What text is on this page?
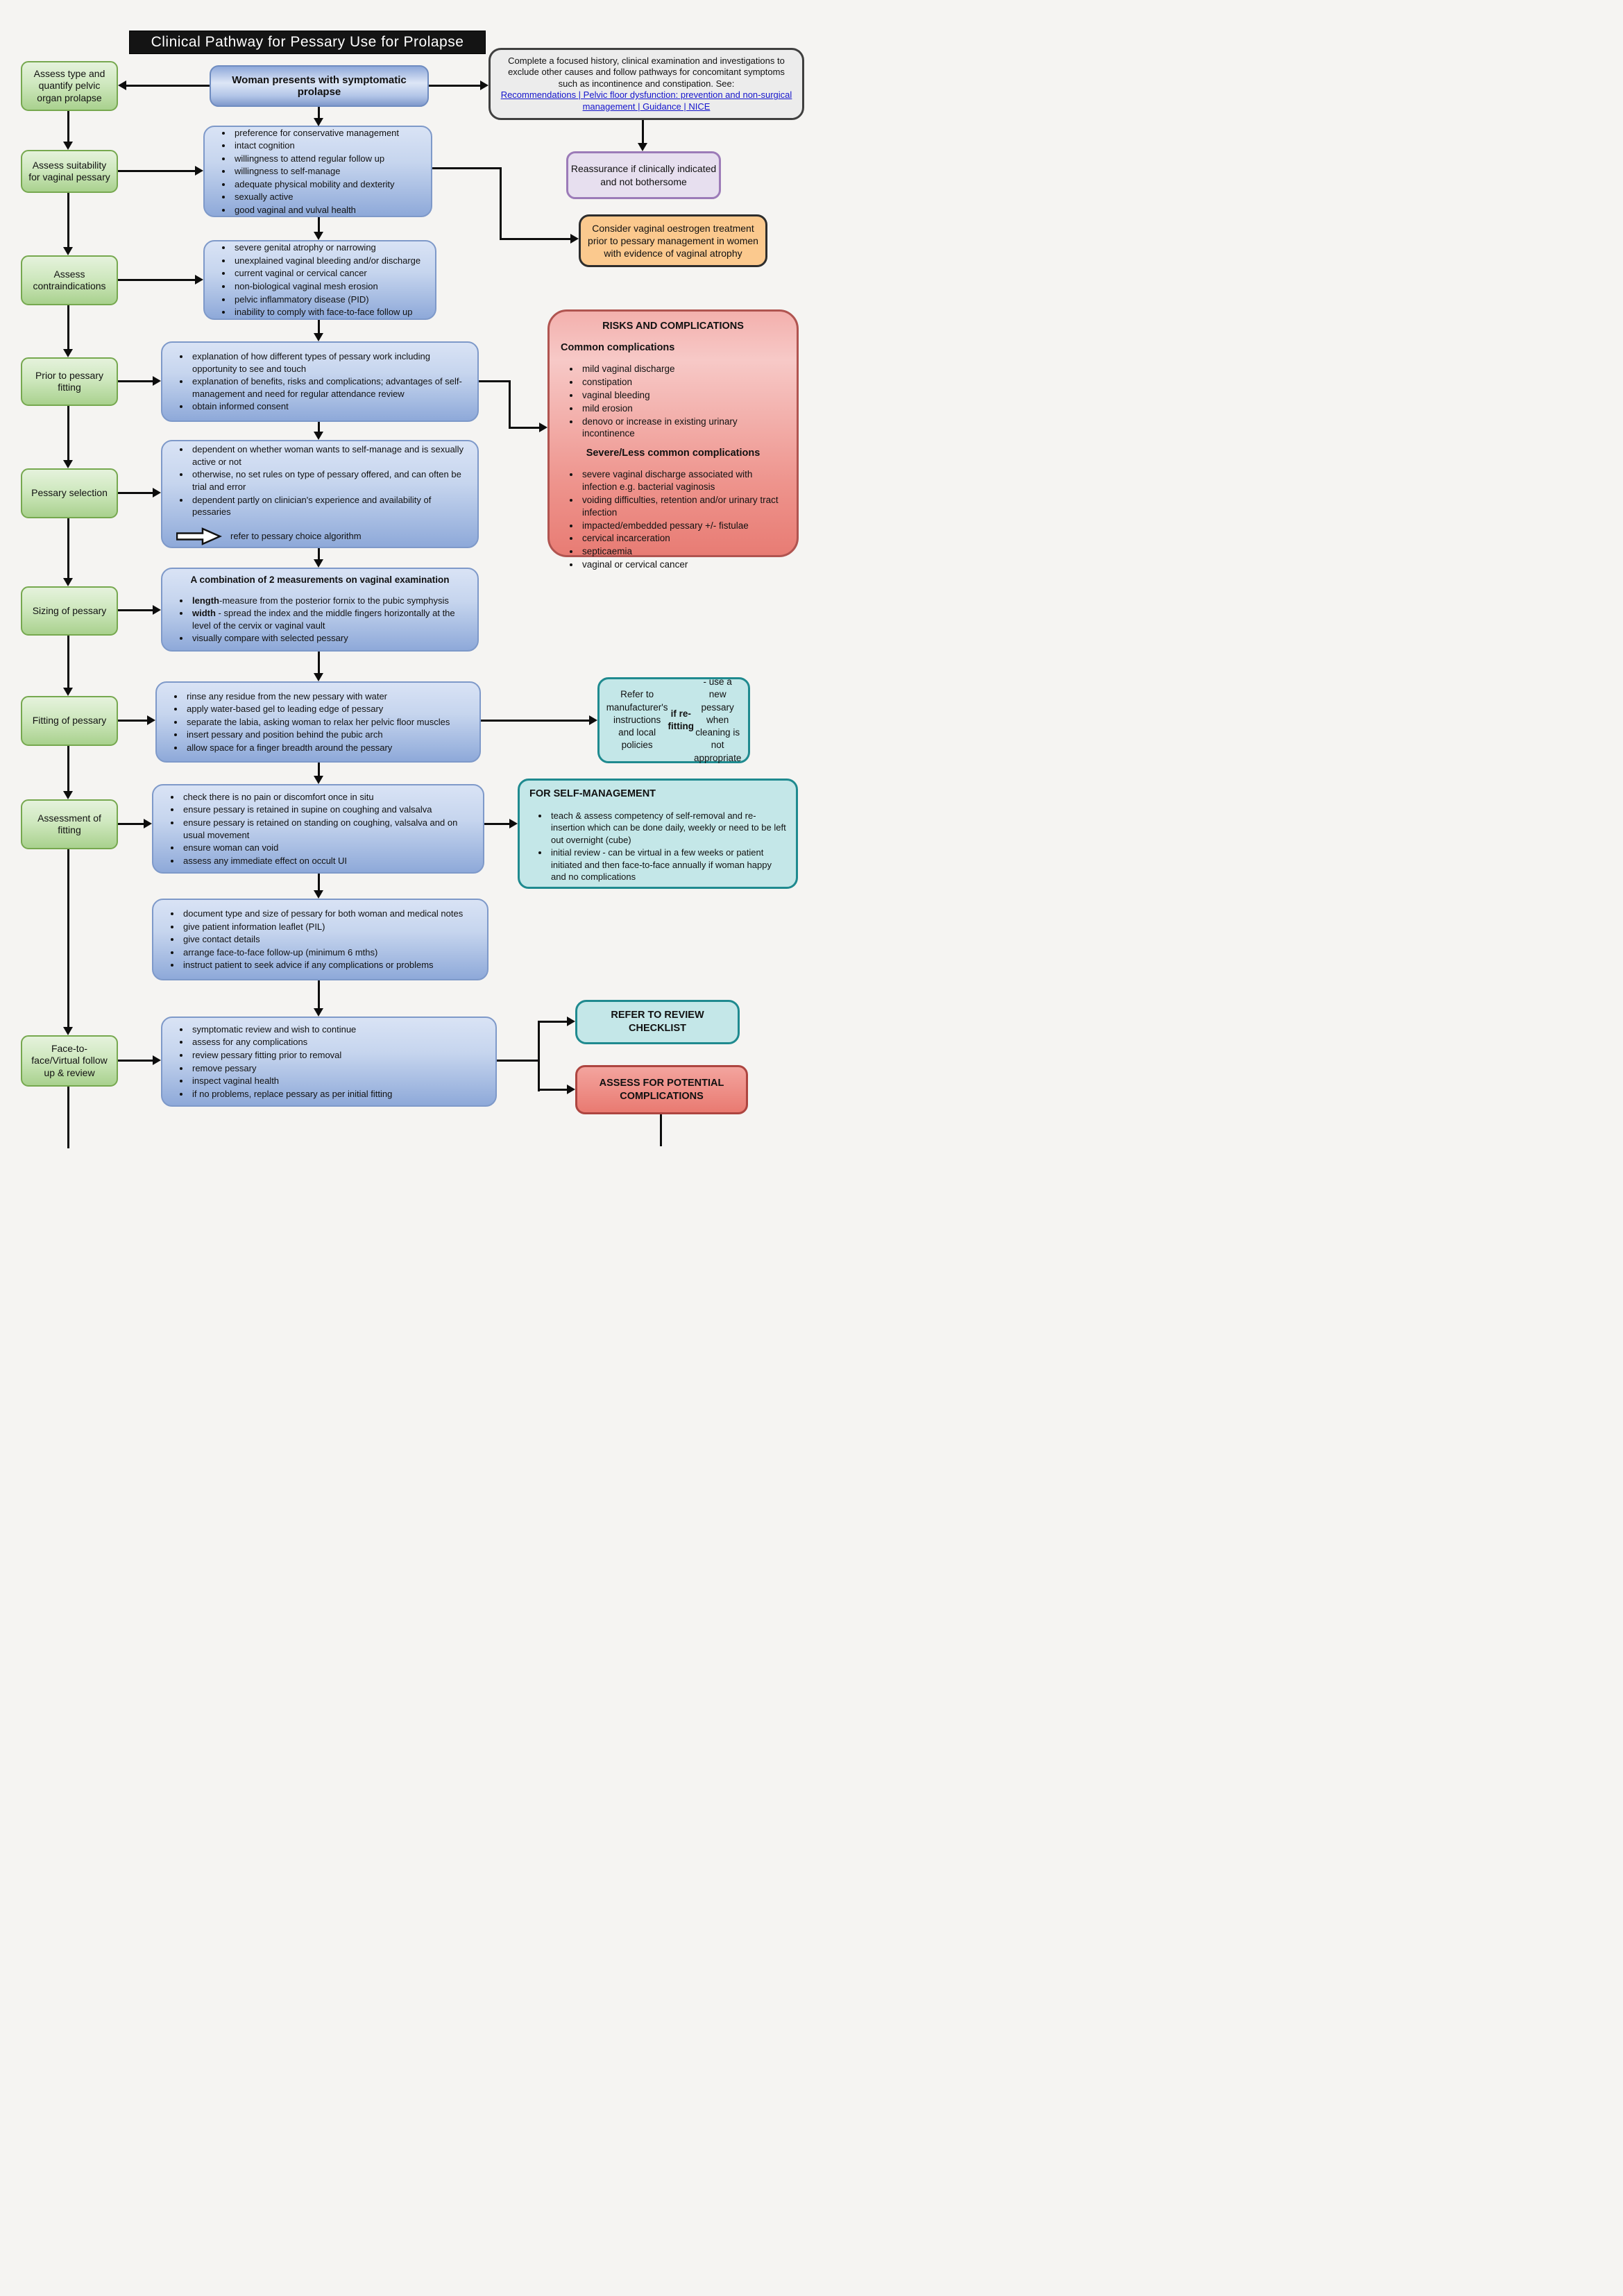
Clinical Pathway for Pessary Use for Prolapse
Woman presents with symptomatic prolapse
Complete a focused history, clinical examination and investigations to exclude other causes and follow pathways for concomitant symptoms such as incontinence and constipation. See:
Recommendations | Pelvic floor dysfunction: prevention and non-surgical management | Guidance | NICE
Assess type and quantify pelvic organ prolapse
Assess suitability for vaginal pessary
Assess contraindications
Prior to pessary fitting
Pessary selection
Sizing of pessary
Fitting of pessary
Assessment of fitting
Face-to-face/Virtual follow up & review
• preference for conservative management
• intact cognition
• willingness to attend regular follow up
• willingness to self-manage
• adequate physical mobility and dexterity
• sexually active
• good vaginal and vulval health
• severe genital atrophy or narrowing
• unexplained vaginal bleeding and/or discharge
• current vaginal or cervical cancer
• non-biological vaginal mesh erosion
• pelvic inflammatory disease (PID)
• inability to comply with face-to-face follow up
• explanation of how different types of pessary work including opportunity to see and touch
• explanation of benefits, risks and complications; advantages of self-management and need for regular attendance review
• obtain informed consent
• dependent on whether woman wants to self-manage and is sexually active or not
• otherwise, no set rules on type of pessary offered, and can often be trial and error
• dependent partly on clinician's experience and availability of pessaries
refer to pessary choice algorithm
A combination of 2 measurements on vaginal examination
• length-measure from the posterior fornix to the pubic symphysis
• width - spread the index and the middle fingers horizontally at the level of the cervix or vaginal vault
• visually compare with selected pessary
• rinse any residue from the new pessary with water
• apply water-based gel to leading edge of pessary
• separate the labia, asking woman to relax her pelvic floor muscles
• insert pessary and position behind the pubic arch
• allow space for a finger breadth around the pessary
• check there is no pain or discomfort once in situ
• ensure pessary is retained in supine on coughing and valsalva
• ensure pessary is retained on standing on coughing, valsalva and on usual movement
• ensure woman can void
• assess any immediate effect on occult UI
• document type and size of pessary for both woman and medical notes
• give patient information leaflet (PIL)
• give contact details
• arrange face-to-face follow-up (minimum 6 mths)
• instruct patient to seek advice if any complications or problems
• symptomatic review and wish to continue
• assess for any complications
• review pessary fitting prior to removal
• remove pessary
• inspect vaginal health
• if no problems, replace pessary as per initial fitting
Reassurance if clinically indicated and not bothersome
Consider vaginal oestrogen treatment prior to pessary management in women with evidence of vaginal atrophy
RISKS AND COMPLICATIONS
Common complications
• mild vaginal discharge
• constipation
• vaginal bleeding
• mild erosion
• denovo or increase in existing urinary incontinence
Severe/Less common complications
• severe vaginal discharge associated with infection e.g. bacterial vaginosis
• voiding difficulties, retention and/or urinary tract infection
• impacted/embedded pessary +/- fistulae
• cervical incarceration
• septicaemia
• vaginal or cervical cancer
Refer to manufacturer's instructions and local policies
if re-fitting
- use a new pessary when cleaning is not appropriate
FOR SELF-MANAGEMENT
• teach & assess competency of self-removal and re-insertion which can be done daily, weekly or need to be left out overnight (cube)
• initial review - can be virtual in a few weeks or patient initiated and then face-to-face annually if woman happy and no complications
REFER TO REVIEW CHECKLIST
ASSESS FOR POTENTIAL COMPLICATIONS
